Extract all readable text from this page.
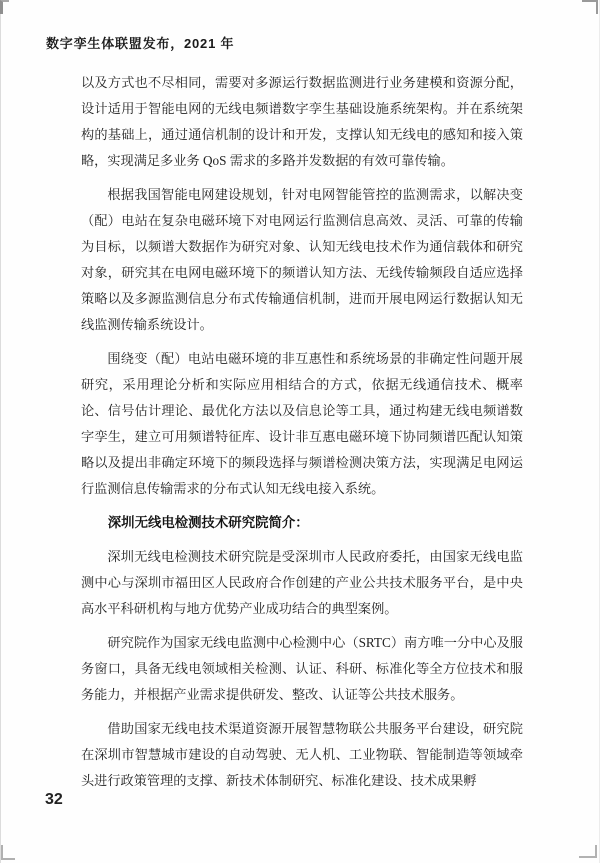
数字孪生体联盟发布，2021 年

以及方式也不尽相同，需要对多源运行数据监测进行业务建模和资源分配，设计适用于智能电网的无线电频谱数字孪生基础设施系统架构。并在系统架构的基础上，通过通信机制的设计和开发，支撑认知无线电的感知和接入策略，实现满足多业务 QoS 需求的多路并发数据的有效可靠传输。

根据我国智能电网建设规划，针对电网智能管控的监测需求，以解决变（配）电站在复杂电磁环境下对电网运行监测信息高效、灵活、可靠的传输为目标，以频谱大数据作为研究对象、认知无线电技术作为通信载体和研究对象，研究其在电网电磁环境下的频谱认知方法、无线传输频段自适应选择策略以及多源监测信息分布式传输通信机制，进而开展电网运行数据认知无线监测传输系统设计。

围绕变（配）电站电磁环境的非互惠性和系统场景的非确定性问题开展研究，采用理论分析和实际应用相结合的方式，依据无线通信技术、概率论、信号估计理论、最优化方法以及信息论等工具，通过构建无线电频谱数字孪生，建立可用频谱特征库、设计非互惠电磁环境下协同频谱匹配认知策略以及提出非确定环境下的频段选择与频谱检测决策方法，实现满足电网运行监测信息传输需求的分布式认知无线电接入系统。

深圳无线电检测技术研究院简介：

深圳无线电检测技术研究院是受深圳市人民政府委托，由国家无线电监测中心与深圳市福田区人民政府合作创建的产业公共技术服务平台，是中央高水平科研机构与地方优势产业成功结合的典型案例。

研究院作为国家无线电监测中心检测中心（SRTC）南方唯一分中心及服务窗口，具备无线电领域相关检测、认证、科研、标准化等全方位技术和服务能力，并根据产业需求提供研发、整改、认证等公共技术服务。

借助国家无线电技术渠道资源开展智慧物联公共服务平台建设，研究院在深圳市智慧城市建设的自动驾驶、无人机、工业物联、智能制造等领域牵头进行政策管理的支撑、新技术体制研究、标准化建设、技术成果孵

32
